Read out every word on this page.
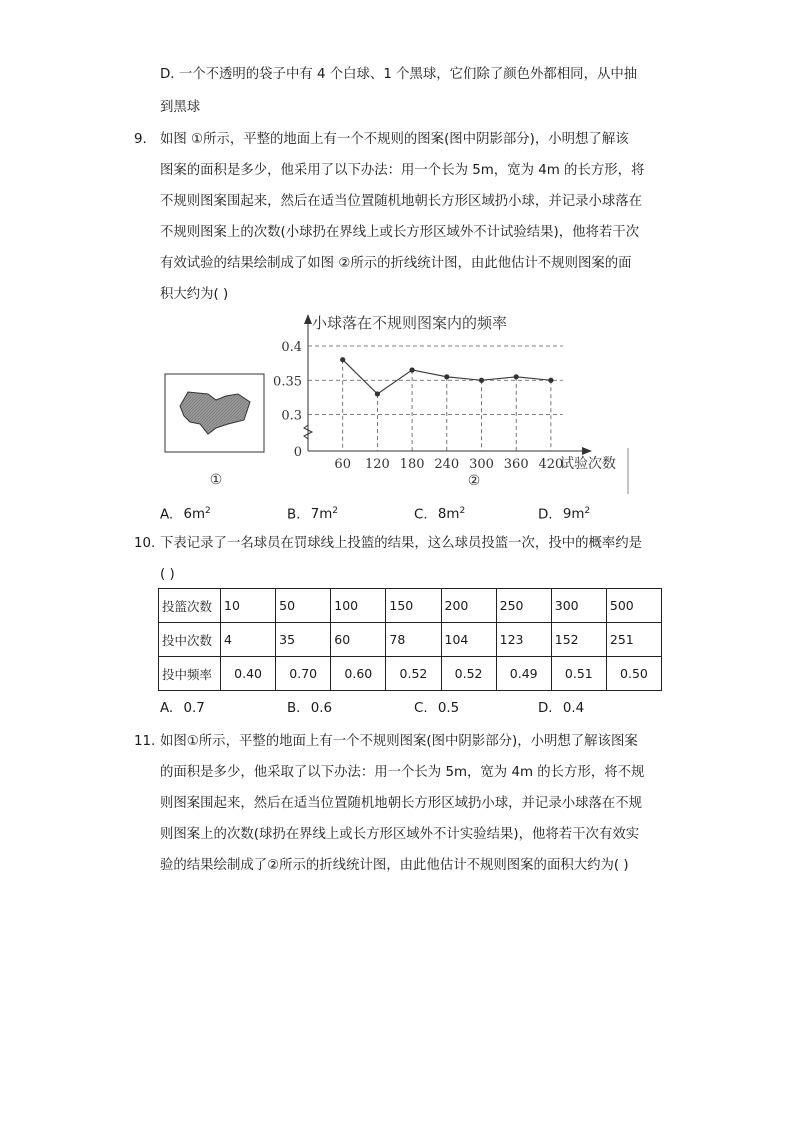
D. 一个不透明的袋子中有 4 个白球、1 个黑球，它们除了颜色外都相同，从中抽
到黑球
9. 如图 ①所示，平整的地面上有一个不规则的图案(图中阴影部分)，小明想了解该
图案的面积是多少，他采用了以下办法：用一个长为 5m，宽为 4m 的长方形，将
不规则图案围起来，然后在适当位置随机地朝长方形区域扔小球，并记录小球落在
不规则图案上的次数(小球扔在界线上或长方形区域外不计试验结果)，他将若干次
有效试验的结果绘制成了如图 ②所示的折线统计图，由此他估计不规则图案的面
积大约为( )
①
小球落在不规则图案内的频率
试验次数
0
②
0.3
0.35
0.4
60 120 180 240 300 360 420
A. $6m^2$	B. $7m^2$	C. $8m^2$	D. $9m^2$
10. 下表记录了一名球员在罚球线上投篮的结果，这么球员投篮一次，投中的概率约是
( )
投篮次数	10	50	100	150	200	250	300	500
投中次数	4	35	60	78	104	123	152	251
投中频率	0.40	0.70	0.60	0.52	0.52	0.49	0.51	0.50
A. 0.7	B. 0.6	C. 0.5	D. 0.4
11. 如图①所示，平整的地面上有一个不规则图案(图中阴影部分)，小明想了解该图案
的面积是多少，他采取了以下办法：用一个长为 5m，宽为 4m 的长方形，将不规
则图案围起来，然后在适当位置随机地朝长方形区域扔小球，并记录小球落在不规
则图案上的次数(球扔在界线上或长方形区域外不计实验结果)，他将若干次有效实
验的结果绘制成了②所示的折线统计图，由此他估计不规则图案的面积大约为( )
